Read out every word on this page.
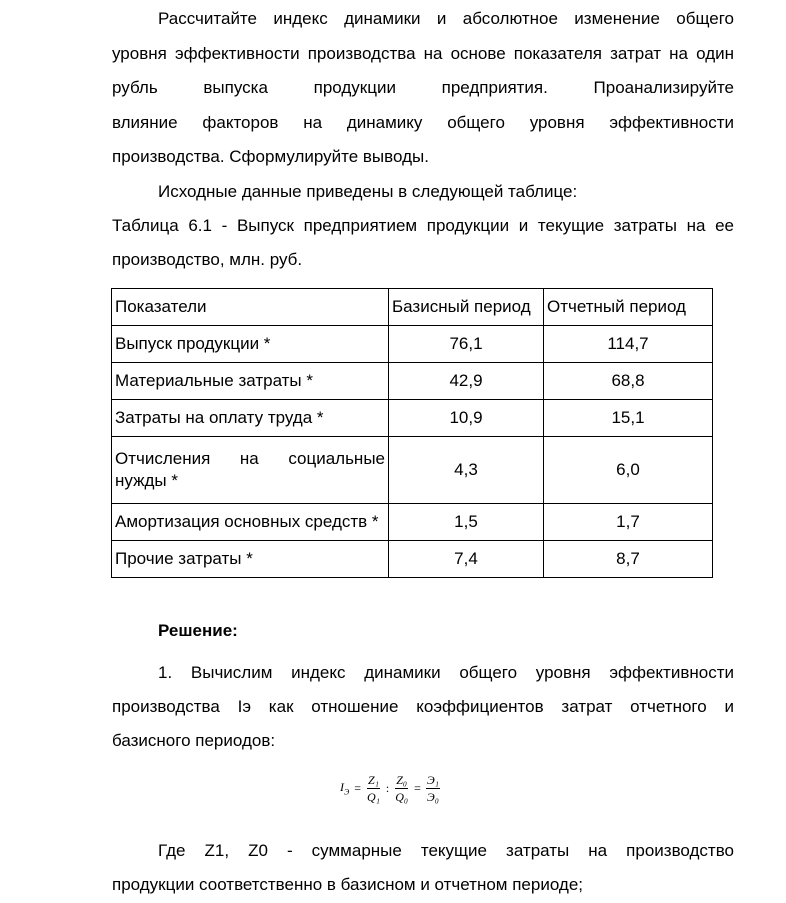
производства. Сформулируйте выводы.

влияние факторов на динамику общего уровня эффективности

рубль выпуска продукции предприятия. Проанализируйте

уровня эффективности производства на основе показателя затрат на один

Рассчитайте индекс динамики и абсолютное изменение общего

Исходные данные приведены в следующей таблице:

Таблица 6.1 - Выпуск предприятием продукции и текущие затраты на ее

производство, млн. руб.

Показатели	Базисный период	Отчетный период
Выпуск продукции *	76,1	114,7
Материальные затраты *	42,9	68,8
Затраты на оплату труда *	10,9	15,1
Отчисления на социальные нужды *	4,3	6,0
Амортизация основных средств *	1,5	1,7
Прочие затраты *	7,4	8,7

Решение:

1. Вычислим индекс динамики общего уровня эффективности

производства Iэ как отношение коэффициентов затрат отчетного и

базисного периодов:

$I_Э = \frac{\text{Z₁}}{\text{Q₁}}$ : $\frac{\text{Z₀}}{\text{Q₀}} = \frac{\text{Э₁}}{\text{Э₀}}$

Где Z1, Z0 - суммарные текущие затраты на производство

продукции соответственно в базисном и отчетном периоде;
